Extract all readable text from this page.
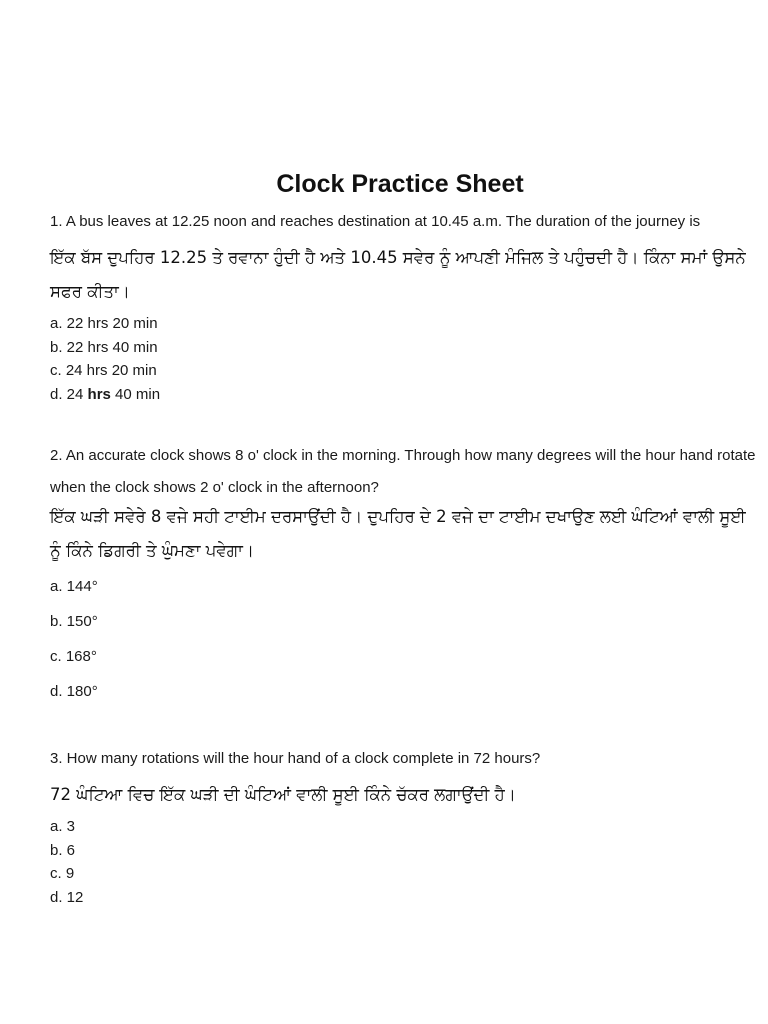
Clock Practice Sheet
1. A bus leaves at 12.25 noon and reaches destination at 10.45 a.m. The duration of the journey is
ਇੱਕ ਬੱਸ ਦੁਪਹਿਰ 12.25 ਤੇ ਰਵਾਨਾ ਹੁੰਦੀ ਹੈ ਅਤੇ 10.45 ਸਵੇਰ ਨੂੰ ਆਪਣੀ ਮੰਜਿਲ ਤੇ ਪਹੁੰਚਦੀ ਹੈ। ਕਿੰਨਾ ਸਮਾਂ ਉਸਨੇ ਸਫਰ ਕੀਤਾ।
a. 22 hrs 20 min
b. 22 hrs 40 min
c. 24 hrs 20 min
d. 24 hrs 40 min
2. An accurate clock shows 8 o' clock in the morning. Through how many degrees will the hour hand rotate when the clock shows 2 o' clock in the afternoon?
ਇੱਕ ਘੜੀ ਸਵੇਰੇ 8 ਵਜੇ ਸਹੀ ਟਾਈਮ ਦਰਸਾਉਂਦੀ ਹੈ। ਦੁਪਹਿਰ ਦੇ 2 ਵਜੇ ਦਾ ਟਾਈਮ ਦਖਾਉਣ ਲਈ ਘੰਟਿਆਂ ਵਾਲੀ ਸੂਈ ਨੂੰ ਕਿੰਨੇ ਡਿਗਰੀ ਤੇ ਘੁੰਮਣਾ ਪਵੇਗਾ।
a. 144°
b. 150°
c. 168°
d. 180°
3. How many rotations will the hour hand of a clock complete in 72 hours?
72 ਘੰਟਿਆ ਵਿਚ ਇੱਕ ਘੜੀ ਦੀ ਘੰਟਿਆਂ ਵਾਲੀ ਸੂਈ ਕਿੰਨੇ ਚੱਕਰ ਲਗਾਉਂਦੀ ਹੈ।
a. 3
b. 6
c. 9
d. 12
